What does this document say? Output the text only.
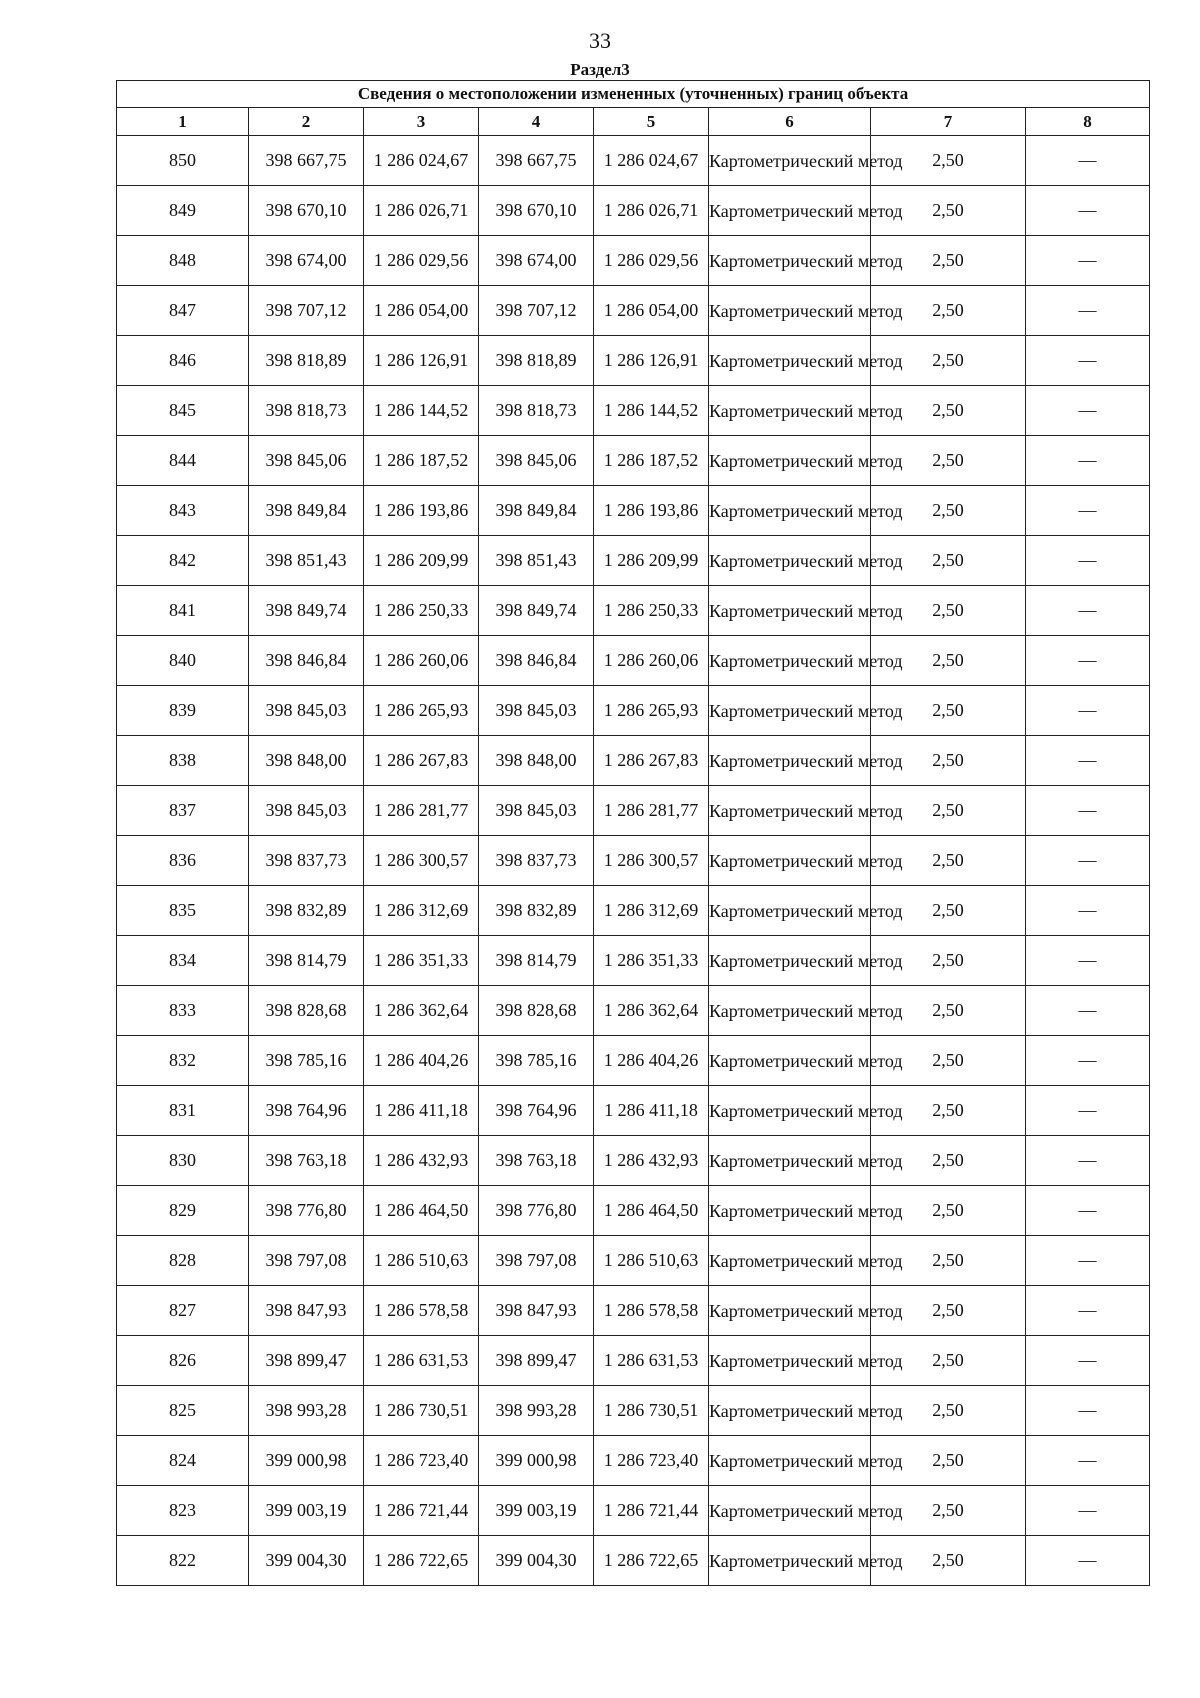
33
Раздел3
Сведения о местоположении измененных (уточненных) границ объекта							
1	2	3	4	5	6	7	8
850	398 667,75	1 286 024,67	398 667,75	1 286 024,67	Картометрический метод	2,50	—
849	398 670,10	1 286 026,71	398 670,10	1 286 026,71	Картометрический метод	2,50	—
848	398 674,00	1 286 029,56	398 674,00	1 286 029,56	Картометрический метод	2,50	—
847	398 707,12	1 286 054,00	398 707,12	1 286 054,00	Картометрический метод	2,50	—
846	398 818,89	1 286 126,91	398 818,89	1 286 126,91	Картометрический метод	2,50	—
845	398 818,73	1 286 144,52	398 818,73	1 286 144,52	Картометрический метод	2,50	—
844	398 845,06	1 286 187,52	398 845,06	1 286 187,52	Картометрический метод	2,50	—
843	398 849,84	1 286 193,86	398 849,84	1 286 193,86	Картометрический метод	2,50	—
842	398 851,43	1 286 209,99	398 851,43	1 286 209,99	Картометрический метод	2,50	—
841	398 849,74	1 286 250,33	398 849,74	1 286 250,33	Картометрический метод	2,50	—
840	398 846,84	1 286 260,06	398 846,84	1 286 260,06	Картометрический метод	2,50	—
839	398 845,03	1 286 265,93	398 845,03	1 286 265,93	Картометрический метод	2,50	—
838	398 848,00	1 286 267,83	398 848,00	1 286 267,83	Картометрический метод	2,50	—
837	398 845,03	1 286 281,77	398 845,03	1 286 281,77	Картометрический метод	2,50	—
836	398 837,73	1 286 300,57	398 837,73	1 286 300,57	Картометрический метод	2,50	—
835	398 832,89	1 286 312,69	398 832,89	1 286 312,69	Картометрический метод	2,50	—
834	398 814,79	1 286 351,33	398 814,79	1 286 351,33	Картометрический метод	2,50	—
833	398 828,68	1 286 362,64	398 828,68	1 286 362,64	Картометрический метод	2,50	—
832	398 785,16	1 286 404,26	398 785,16	1 286 404,26	Картометрический метод	2,50	—
831	398 764,96	1 286 411,18	398 764,96	1 286 411,18	Картометрический метод	2,50	—
830	398 763,18	1 286 432,93	398 763,18	1 286 432,93	Картометрический метод	2,50	—
829	398 776,80	1 286 464,50	398 776,80	1 286 464,50	Картометрический метод	2,50	—
828	398 797,08	1 286 510,63	398 797,08	1 286 510,63	Картометрический метод	2,50	—
827	398 847,93	1 286 578,58	398 847,93	1 286 578,58	Картометрический метод	2,50	—
826	398 899,47	1 286 631,53	398 899,47	1 286 631,53	Картометрический метод	2,50	—
825	398 993,28	1 286 730,51	398 993,28	1 286 730,51	Картометрический метод	2,50	—
824	399 000,98	1 286 723,40	399 000,98	1 286 723,40	Картометрический метод	2,50	—
823	399 003,19	1 286 721,44	399 003,19	1 286 721,44	Картометрический метод	2,50	—
822	399 004,30	1 286 722,65	399 004,30	1 286 722,65	Картометрический метод	2,50	—
